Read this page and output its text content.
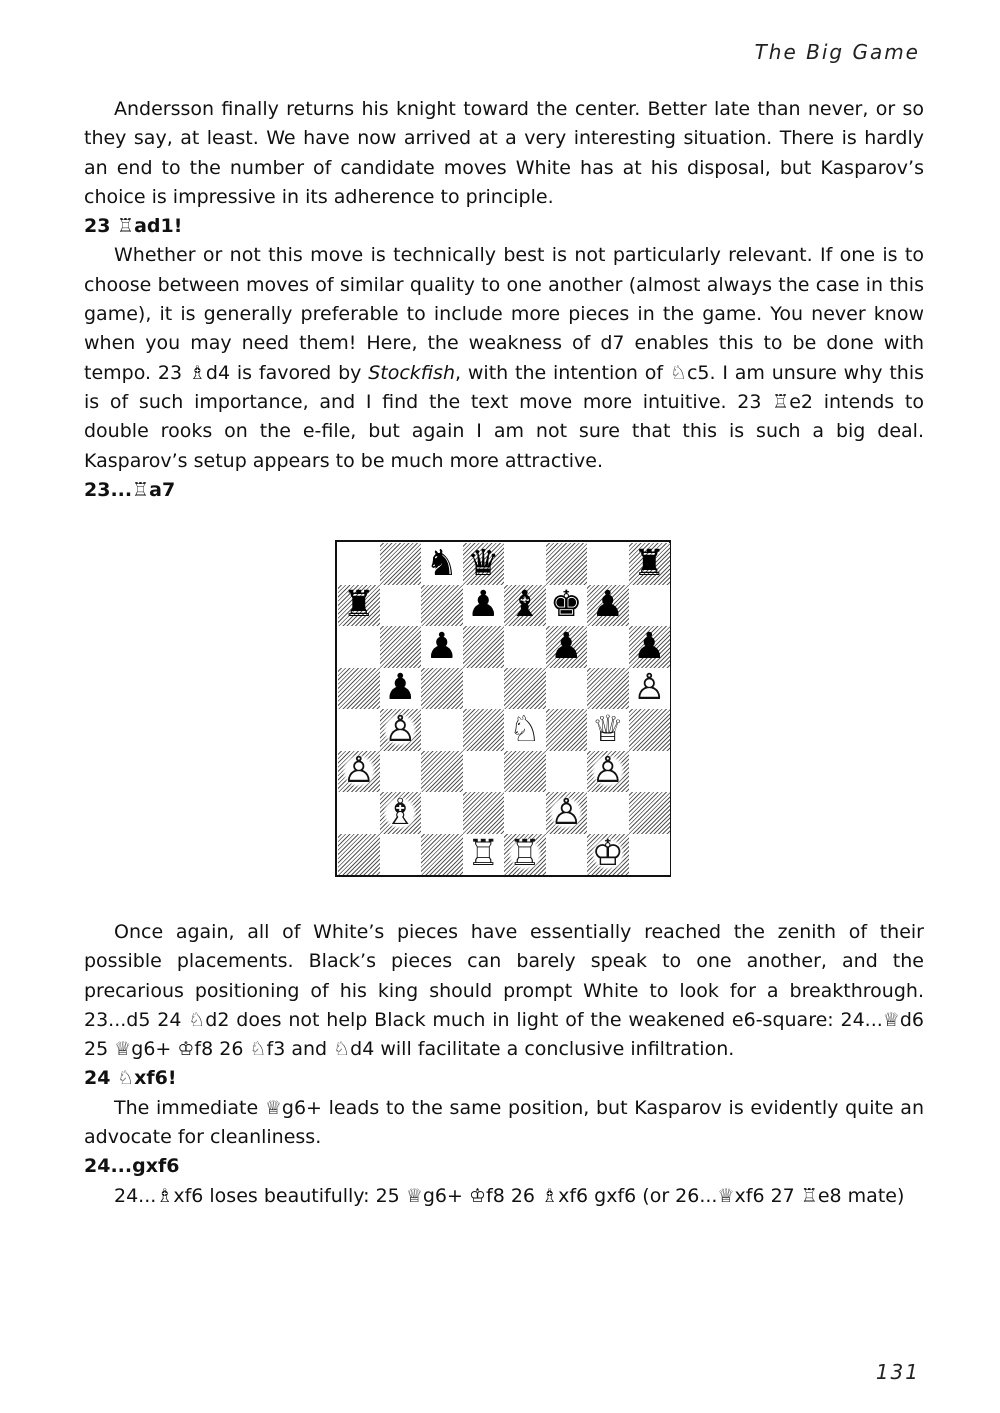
The Big Game

Andersson finally returns his knight toward the center. Better late than never, or so they say, at least. We have now arrived at a very interesting situation. There is hardly an end to the number of candidate moves White has at his disposal, but Kasparov’s choice is impressive in its adherence to principle.

23 ♖ad1!

Whether or not this move is technically best is not particularly relevant. If one is to choose between moves of similar quality to one another (almost always the case in this game), it is generally preferable to include more pieces in the game. You never know when you may need them! Here, the weakness of d7 enables this to be done with tempo. 23 ♗d4 is favored by Stockfish, with the intention of ♘c5. I am unsure why this is of such importance, and I find the text move more intuitive. 23 ♖e2 intends to double rooks on the e-file, but again I am not sure that this is such a big deal. Kasparov’s setup appears to be much more attractive.

23...♖a7
♞ ♛	♜
♜	♟ ♝ ♚ ♟
♟	♟ ♟
♟	♙
♙	♘ ♕
♙	♙
♗	♙
♖ ♖ ♔

Once again, all of White’s pieces have essentially reached the zenith of their possible placements. Black’s pieces can barely speak to one another, and the precarious positioning of his king should prompt White to look for a breakthrough. 23...d5 24 ♘d2 does not help Black much in light of the weakened e6-square: 24...♕d6 25 ♕g6+ ♔f8 26 ♘f3 and ♘d4 will facilitate a conclusive infiltration.

24 ♘xf6!

The immediate ♕g6+ leads to the same position, but Kasparov is evidently quite an advocate for cleanliness.

24...gxf6

24...♗xf6 loses beautifully: 25 ♕g6+ ♔f8 26 ♗xf6 gxf6 (or 26...♕xf6 27 ♖e8 mate)

131
